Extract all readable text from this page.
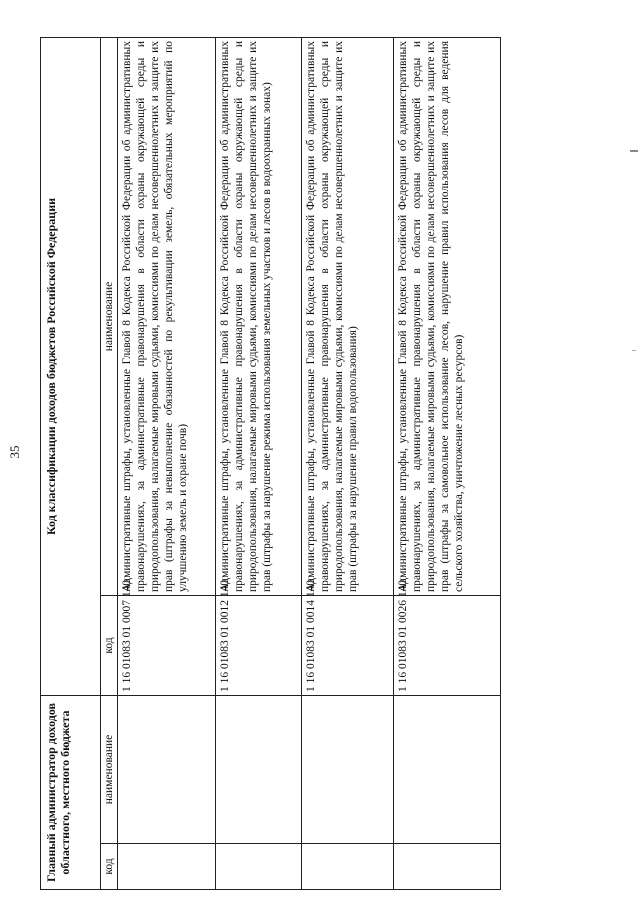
35
Главный администратор доходов областного, местного бюджета		Код классификации доходов бюджетов Российской Федерации	
код	наименование	код	наименование
		1 16 01083 01 0007 140	Административные штрафы, установленные Главой 8 Кодекса Российской Федерации об административных правонарушениях, за административные правонарушения в области охраны окружающей среды и природопользования, налагаемые мировыми судьями, комиссиями по делам несовершеннолетних и защите их прав (штрафы за невыполнение обязанностей по рекультивации земель, обязательных мероприятий по улучшению земель и охране почв)
		1 16 01083 01 0012 140	Административные штрафы, установленные Главой 8 Кодекса Российской Федерации об административных правонарушениях, за административные правонарушения в области охраны окружающей среды и природопользования, налагаемые мировыми судьями, комиссиями по делам несовершеннолетних и защите их прав (штрафы за нарушение режима использования земельных участков и лесов в водоохранных зонах)
		1 16 01083 01 0014 140	Административные штрафы, установленные Главой 8 Кодекса Российской Федерации об административных правонарушениях, за административные правонарушения в области охраны окружающей среды и природопользования, налагаемые мировыми судьями, комиссиями по делам несовершеннолетних и защите их прав (штрафы за нарушение правил водопользования)
		1 16 01083 01 0026 140	Административные штрафы, установленные Главой 8 Кодекса Российской Федерации об административных правонарушениях, за административные правонарушения в области охраны окружающей среды и природопользования, налагаемые мировыми судьями, комиссиями по делам несовершеннолетних и защите их прав (штрафы за самовольное использование лесов, нарушение правил использования лесов для ведения сельского хозяйства, уничтожение лесных ресурсов)
